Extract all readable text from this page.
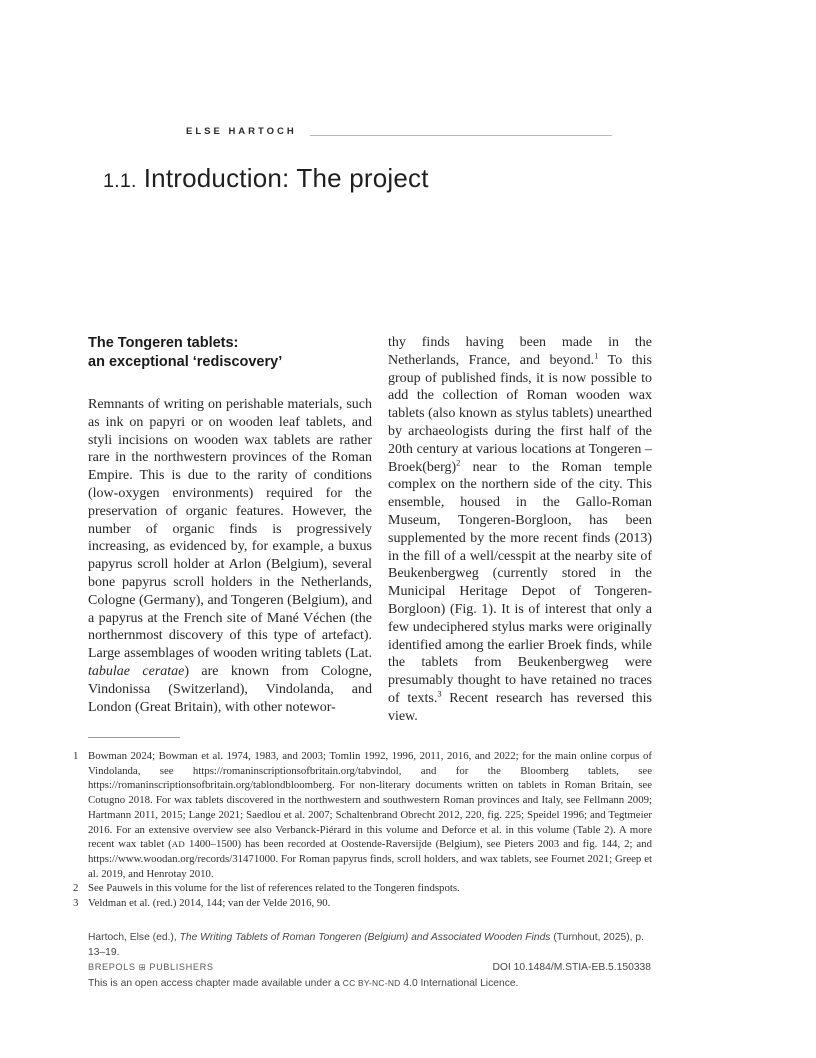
ELSE HARTOCH
1.1. Introduction: The project
The Tongeren tablets:
an exceptional ‘rediscovery’

Remnants of writing on perishable materials, such as ink on papyri or on wooden leaf tablets, and styli incisions on wooden wax tablets are rather rare in the northwestern provinces of the Roman Empire. This is due to the rarity of conditions (low-oxygen environments) required for the preservation of organic features. However, the number of organic finds is progressively increasing, as evidenced by, for example, a buxus papyrus scroll holder at Arlon (Belgium), several bone papyrus scroll holders in the Netherlands, Cologne (Germany), and Tongeren (Belgium), and a papyrus at the French site of Mané Véchen (the northernmost discovery of this type of artefact). Large assemblages of wooden writing tablets (Lat. tabulae ceratae) are known from Cologne, Vindonissa (Switzerland), Vindolanda, and London (Great Britain), with other notewor-

thy finds having been made in the Netherlands, France, and beyond.$^1$ To this group of published finds, it is now possible to add the collection of Roman wooden wax tablets (also known as stylus tablets) unearthed by archaeologists during the first half of the 20th century at various locations at Tongeren – Broek(berg)$^2$ near to the Roman temple complex on the northern side of the city. This ensemble, housed in the Gallo-Roman Museum, Tongeren-Borgloon, has been supplemented by the more recent finds (2013) in the fill of a well/cesspit at the nearby site of Beukenbergweg (currently stored in the Municipal Heritage Depot of Tongeren-Borgloon) (Fig. 1). It is of interest that only a few undeciphered stylus marks were originally identified among the earlier Broek finds, while the tablets from Beukenbergweg were presumably thought to have retained no traces of texts.$^3$ Recent research has reversed this view.

1 Bowman 2024; Bowman et al. 1974, 1983, and 2003; Tomlin 1992, 1996, 2011, 2016, and 2022; for the main online corpus of Vindolanda, see https://romaninscriptionsofbritain.org/tabvindol, and for the Bloomberg tablets, see https://romaninscriptionsofbritain.org/tablondbloomberg. For non-literary documents written on tablets in Roman Britain, see Cotugno 2018. For wax tablets discovered in the northwestern and southwestern Roman provinces and Italy, see Fellmann 2009; Hartmann 2011, 2015; Lange 2021; Saedlou et al. 2007; Schaltenbrand Obrecht 2012, 220, fig. 225; Speidel 1996; and Tegtmeier 2016. For an extensive overview see also Verbanck-Piérard in this volume and Deforce et al. in this volume (Table 2). A more recent wax tablet (AD 1400–1500) has been recorded at Oostende-Raversijde (Belgium), see Pieters 2003 and fig. 144, 2; and https://www.woodan.org/records/31471000. For Roman papyrus finds, scroll holders, and wax tablets, see Fournet 2021; Greep et al. 2019, and Henrotay 2010.
2 See Pauwels in this volume for the list of references related to the Tongeren findspots.
3 Veldman et al. (red.) 2014, 144; van der Velde 2016, 90.
Hartoch, Else (ed.), The Writing Tablets of Roman Tongeren (Belgium) and Associated Wooden Finds (Turnhout, 2025), p. 13–19.
BREPOLS ⊞ PUBLISHERS	DOI 10.1484/M.STIA-EB.5.150338
This is an open access chapter made available under a CC BY-NC-ND 4.0 International Licence.
